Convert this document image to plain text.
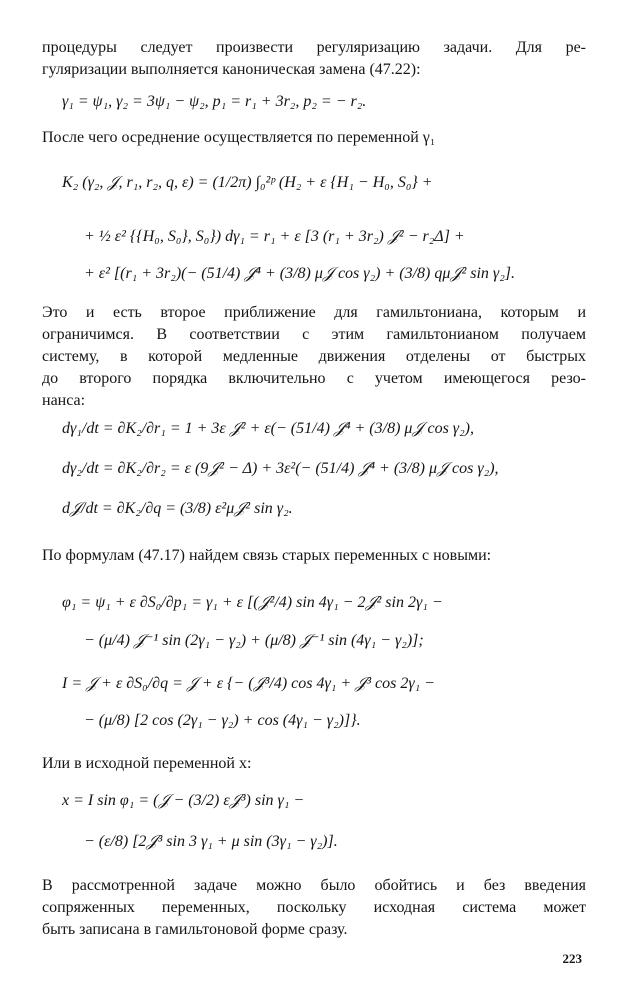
процедуры следует произвести регуляризацию задачи. Для ре-

гуляризации выполняется каноническая замена (47.22):

γ₁ = ψ₁, γ₂ = 3ψ₁ − ψ₂, p₁ = r₁ + 3r₂, p₂ = − r₂.

После чего осреднение осуществляется по переменной γ₁

K₂ (γ₂, 𝒥, r₁, r₂, q, ε) = (1/2π) ∫₀²ᵖ (H₂ + ε {H₁ − H₀, S₀} +

+ ½ ε² {{H₀, S₀}, S₀}) dγ₁ = r₁ + ε [3 (r₁ + 3r₂) 𝒥² − r₂Δ] +

+ ε² [(r₁ + 3r₂)(− (51/4) 𝒥⁴ + (3/8) μ𝒥 cos γ₂) + (3/8) qμ𝒥² sin γ₂].

Это и есть второе приближение для гамильтониана, которым и

ограничимся. В соответствии с этим гамильтонианом получаем

систему, в которой медленные движения отделены от быстрых

до второго порядка включительно с учетом имеющегося резо-

нанса:

dγ₁/dt = ∂K₂/∂r₁ = 1 + 3ε 𝒥² + ε(− (51/4) 𝒥⁴ + (3/8) μ𝒥 cos γ₂),

dγ₂/dt = ∂K₂/∂r₂ = ε (9𝒥² − Δ) + 3ε²(− (51/4) 𝒥⁴ + (3/8) μ𝒥 cos γ₂),

d𝒥/dt = ∂K₂/∂q = (3/8) ε²μ𝒥² sin γ₂.

По формулам (47.17) найдем связь старых переменных с новыми:

φ₁ = ψ₁ + ε ∂S₀/∂p₁ = γ₁ + ε [(𝒥²/4) sin 4γ₁ − 2𝒥² sin 2γ₁ −

− (μ/4) 𝒥⁻¹ sin (2γ₁ − γ₂) + (μ/8) 𝒥⁻¹ sin (4γ₁ − γ₂)];

I = 𝒥 + ε ∂S₀/∂q = 𝒥 + ε {− (𝒥³/4) cos 4γ₁ + 𝒥³ cos 2γ₁ −

− (μ/8) [2 cos (2γ₁ − γ₂) + cos (4γ₁ − γ₂)]}.

Или в исходной переменной x:

x = I sin φ₁ = (𝒥 − (3/2) ε𝒥³) sin γ₁ −

− (ε/8) [2𝒥³ sin 3 γ₁ + μ sin (3γ₁ − γ₂)].

В рассмотренной задаче можно было обойтись и без введения

сопряженных переменных, поскольку исходная система может

быть записана в гамильтоновой форме сразу.

223
